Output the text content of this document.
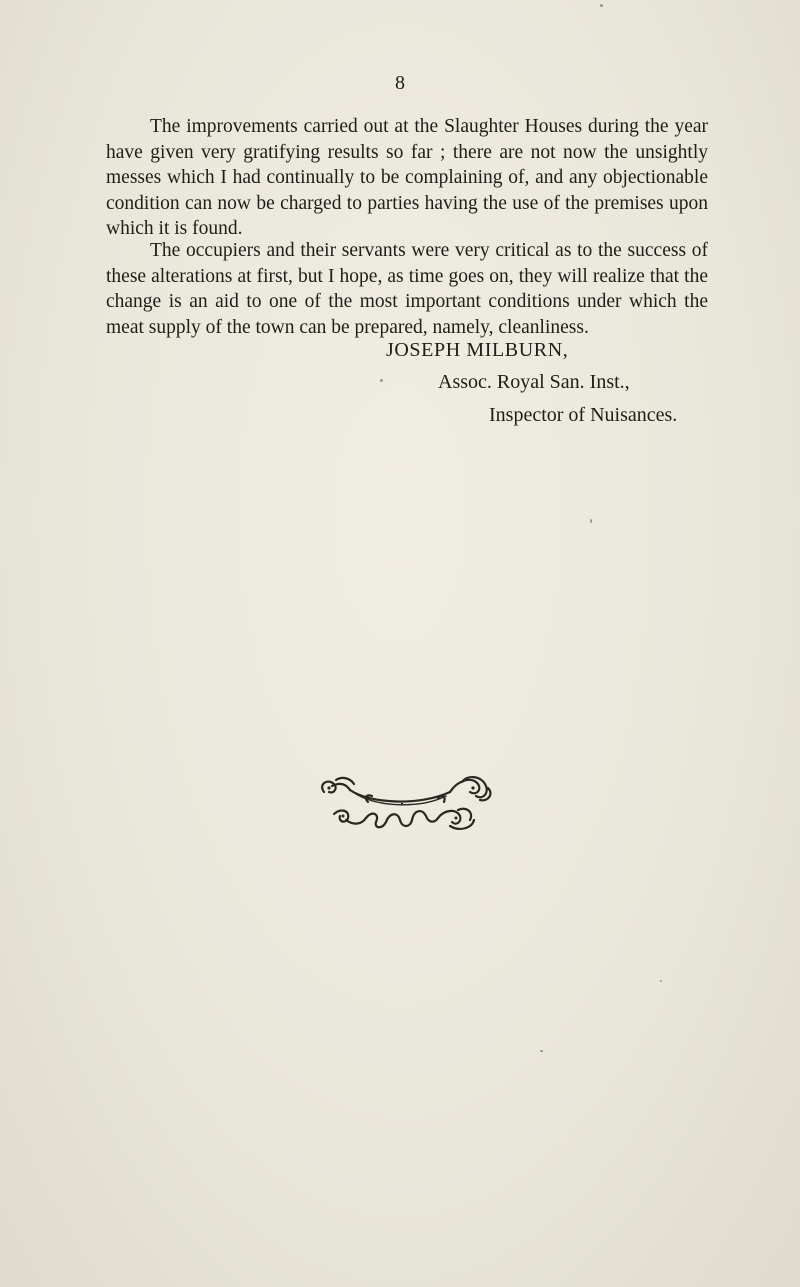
8

The improvements carried out at the Slaughter Houses during the year have given very gratifying results so far ; there are not now the unsightly messes which I had continually to be complaining of, and any objectionable condition can now be charged to parties having the use of the premises upon which it is found.

The occupiers and their servants were very critical as to the success of these alterations at first, but I hope, as time goes on, they will realize that the change is an aid to one of the most important conditions under which the meat supply of the town can be prepared, namely, cleanliness.

JOSEPH MILBURN,
Assoc. Royal San. Inst.,
Inspector of Nuisances.
